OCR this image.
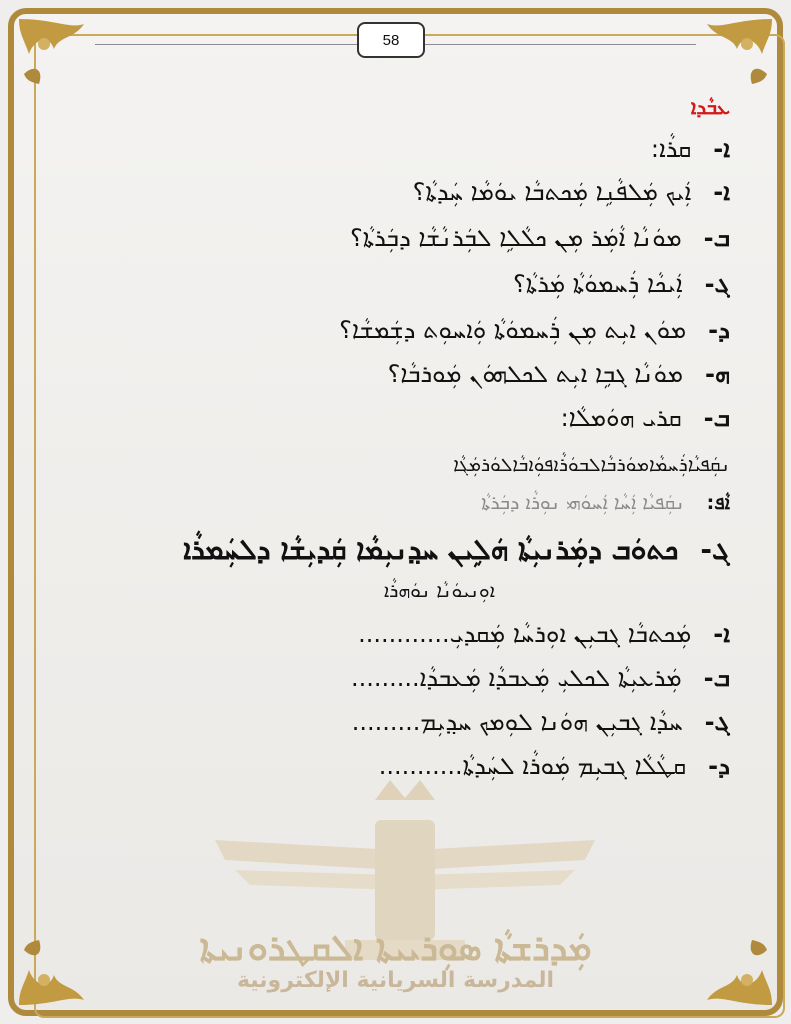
58
ܥܒܵܕܐ
ܐ-ܩܪܵܐ:
ܐ-ܐܲܝܟ ܡܲܠܦܵܢܹܐ ܡܲܟܬܒܵܐ ܝܘܿܡܵܐ ܚܲܕܬܵܐ؟
ܒ-ܡܘܿܢܵܐ ܐܵܡܲܪ ܡܼܢ ܟܠܵܠܹܐ ܠܒܲܪܢܵܫܵܐ ܕܒܲܪܬܵܐ؟
ܓ-ܐܲܝܟܵܐ ܪܲܚܡܘܿܬܵܐ ܡܲܪܬܵܐ؟
ܕ-ܡܘܿܢ ܐܝܼܬ ܡܼܢ ܪܲܚܡܘܿܬܵܐ ܘܲܐܚܘܼܬ ܕܫܲܡܫܵܐ؟
ܗ-ܡܘܿܢܵܐ ܓܒܹܐ ܐܝܼܬ ܠܟܠܗܘܿܢ ܡܲܘܪܒܵܐ؟
ܒ-ܩܪܝ ܗܘܿܡܠܵܐ:
ܢܩܲܦܝܵܐܪܲܚܡܵܐܡܘܿܪܒܵܐܠܒܘܿܪܵܐܦܘܲܐܒܵܐܠܘܿܪܡܲܓܵܐ
ܐܵܦ:ܢܩܲܦܝܵܐ ܐܲܚܵܐ ܐܲܚܘܿܗܝ ܢܘܼܪܵܐ ܕܒܲܪܬܵܐ
ܓ-ܟܬܘܿܒ ܕܡܲܪܢܝܼܬܵܐ ܗܿܠܹܝܢ ܚܕ݂ܢܝܼܡܵܐ ܩܲܕܝܼܫܵܐ ܕܠܚܲܡܪܵܐ
ܐܘܼܢܝܘܿܢܵܐ ܢܘܿܗܪܵܐ
ܐ-ܡܲܟܬܒܵܐ ܓܒܝܼܢ ܐܘܼܪܚܵܐ ܡܲܩܕܝܼ............
ܒ-ܡܲܪܥܝܼܬܵܐ ܠܟܠܝܼ ܡܲܥܒܕܵܐ ܡܲܥܒܕܵܐ.........
ܓ-ܚܕܵܐ ܓܒܝܼܢ ܗܘܿܢܐ ܠܘܼܡܟ ܚܕ݂ܝܼܡ.........
ܕ-ܩܛܵܠܵܐ ܓܒܝܼܡ ܡܲܘܪܵܐ ܠܚܲܕܬܵܐ...........
ܡܲܕܪܫܬܵܐ ܣܘܼܪܝܝܬܐ ܐܠܩܛܪܘܢܝܬܐ
المدرسة السريانية الإلكترونية
